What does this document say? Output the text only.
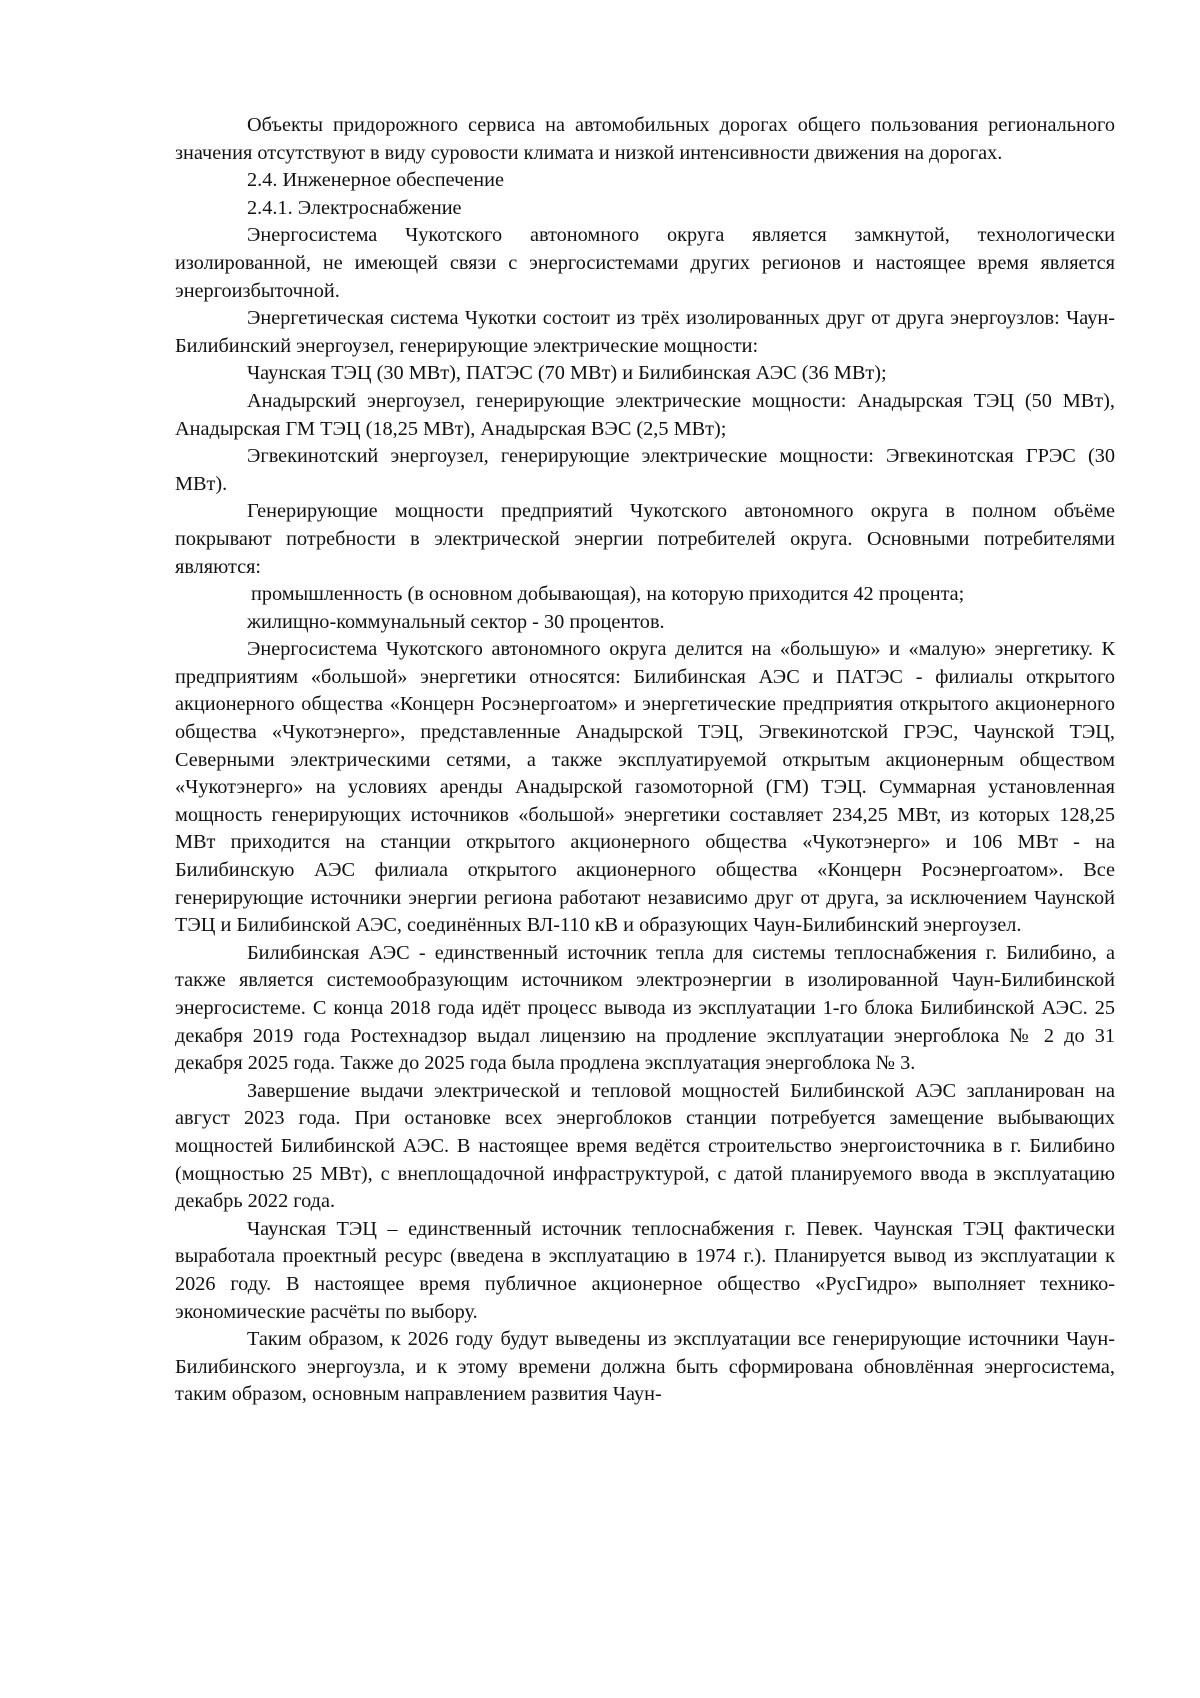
Объекты придорожного сервиса на автомобильных дорогах общего пользования регионального значения отсутствуют в виду суровости климата и низкой интенсивности движения на дорогах.

2.4. Инженерное обеспечение

2.4.1. Электроснабжение

Энергосистема Чукотского автономного округа является замкнутой, технологически изолированной, не имеющей связи с энергосистемами других регионов и настоящее время является энергоизбыточной.

Энергетическая система Чукотки состоит из трёх изолированных друг от друга энергоузлов: Чаун-Билибинский энергоузел, генерирующие электрические мощности:

Чаунская ТЭЦ (30 МВт), ПАТЭС (70 МВт) и Билибинская АЭС (36 МВт);

Анадырский энергоузел, генерирующие электрические мощности: Анадырская ТЭЦ (50 МВт), Анадырская ГМ ТЭЦ (18,25 МВт), Анадырская ВЭС (2,5 МВт);

Эгвекинотский энергоузел, генерирующие электрические мощности: Эгвекинотская ГРЭС (30 МВт).

Генерирующие мощности предприятий Чукотского автономного округа в полном объёме покрывают потребности в электрической энергии потребителей округа. Основными потребителями являются:

промышленность (в основном добывающая), на которую приходится 42 процента;

жилищно-коммунальный сектор - 30 процентов.

Энергосистема Чукотского автономного округа делится на «большую» и «малую» энергетику. К предприятиям «большой» энергетики относятся: Билибинская АЭС и ПАТЭС - филиалы открытого акционерного общества «Концерн Росэнергоатом» и энергетические предприятия открытого акционерного общества «Чукотэнерго», представленные Анадырской ТЭЦ, Эгвекинотской ГРЭС, Чаунской ТЭЦ, Северными электрическими сетями, а также эксплуатируемой открытым акционерным обществом «Чукотэнерго» на условиях аренды Анадырской газомоторной (ГМ) ТЭЦ. Суммарная установленная мощность генерирующих источников «большой» энергетики составляет 234,25 МВт, из которых 128,25 МВт приходится на станции открытого акционерного общества «Чукотэнерго» и 106 МВт - на Билибинскую АЭС филиала открытого акционерного общества «Концерн Росэнергоатом». Все генерирующие источники энергии региона работают независимо друг от друга, за исключением Чаунской ТЭЦ и Билибинской АЭС, соединённых ВЛ-110 кВ и образующих Чаун-Билибинский энергоузел.

Билибинская АЭС - единственный источник тепла для системы теплоснабжения г. Билибино, а также является системообразующим источником электроэнергии в изолированной Чаун-Билибинской энергосистеме. С конца 2018 года идёт процесс вывода из эксплуатации 1-го блока Билибинской АЭС. 25 декабря 2019 года Ростехнадзор выдал лицензию на продление эксплуатации энергоблока № 2 до 31 декабря 2025 года. Также до 2025 года была продлена эксплуатация энергоблока № 3.

Завершение выдачи электрической и тепловой мощностей Билибинской АЭС запланирован на август 2023 года. При остановке всех энергоблоков станции потребуется замещение выбывающих мощностей Билибинской АЭС. В настоящее время ведётся строительство энергоисточника в г. Билибино (мощностью 25 МВт), с внеплощадочной инфраструктурой, с датой планируемого ввода в эксплуатацию декабрь 2022 года.

Чаунская ТЭЦ – единственный источник теплоснабжения г. Певек. Чаунская ТЭЦ фактически выработала проектный ресурс (введена в эксплуатацию в 1974 г.). Планируется вывод из эксплуатации к 2026 году. В настоящее время публичное акционерное общество «РусГидро» выполняет технико-экономические расчёты по выбору.

Таким образом, к 2026 году будут выведены из эксплуатации все генерирующие источники Чаун-Билибинского энергоузла, и к этому времени должна быть сформирована обновлённая энергосистема, таким образом, основным направлением развития Чаун-
